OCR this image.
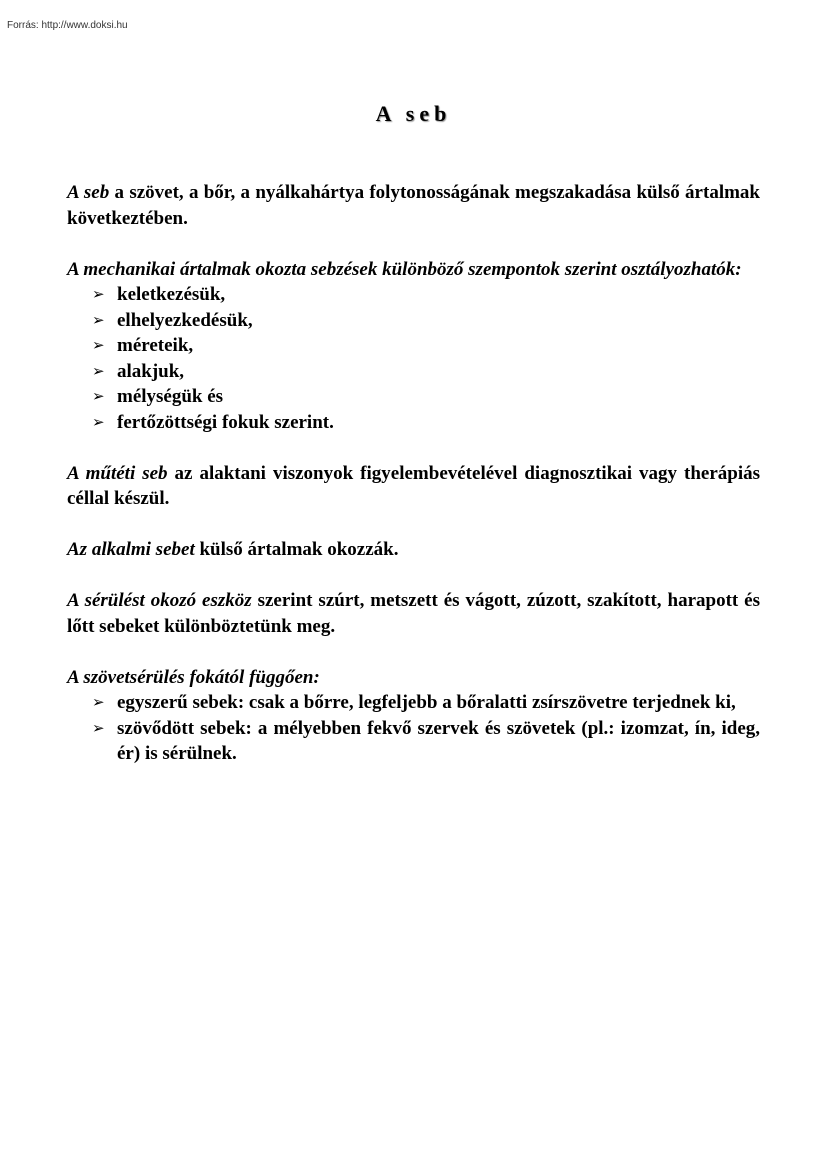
Forrás: http://www.doksi.hu
A seb

A seb a szövet, a bőr, a nyálkahártya folytonosságának megszakadása külső ártalmak következtében.

A mechanikai ártalmak okozta sebzések különböző szempontok szerint osztályozhatók:

➢ keletkezésük,
➢ elhelyezkedésük,
➢ méreteik,
➢ alakjuk,
➢ mélységük és
➢ fertőzöttségi fokuk szerint.

A műtéti seb az alaktani viszonyok figyelembevételével diagnosztikai vagy therápiás céllal készül.

Az alkalmi sebet külső ártalmak okozzák.

A sérülést okozó eszköz szerint szúrt, metszett és vágott, zúzott, szakított, harapott és lőtt sebeket különböztetünk meg.

A szövetsérülés fokától függően:

➢ egyszerű sebek: csak a bőrre, legfeljebb a bőralatti zsírszövetre terjednek ki,
➢ szövődött sebek: a mélyebben fekvő szervek és szövetek (pl.: izomzat, ín, ideg, ér) is sérülnek.
